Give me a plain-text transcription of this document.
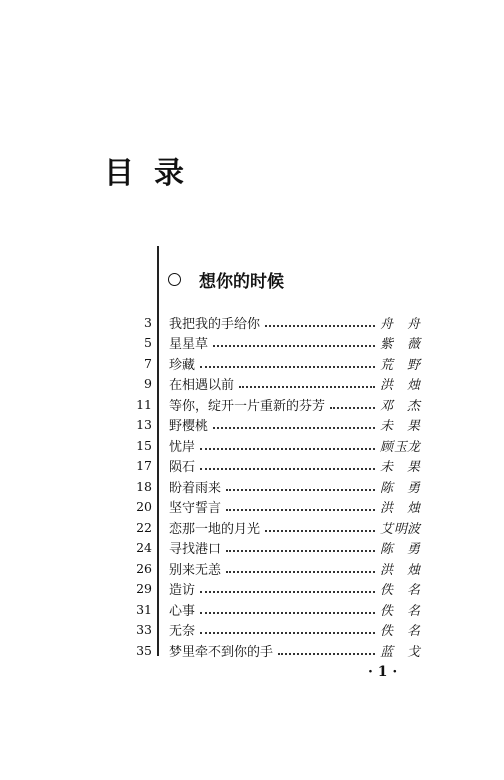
目录
想你的时候
3 我把我的手给你	舟 舟
5 星星草	紫 薇
7 珍藏	荒 野
9 在相遇以前	洪 烛
11 等你，绽开一片重新的芬芳	邓 杰
13 野樱桃	未 果
15 忧岸	顾 玉龙
17 陨石	未 果
18 盼着雨来	陈 勇
20 坚守誓言	洪 烛
22 恋那一地的月光	艾 明波
24 寻找港口	陈 勇
26 别来无恙	洪 烛
29 造访	佚 名
31 心事	佚 名
33 无奈	佚 名
35 梦里牵不到你的手	蓝 戈
· 1 ·
